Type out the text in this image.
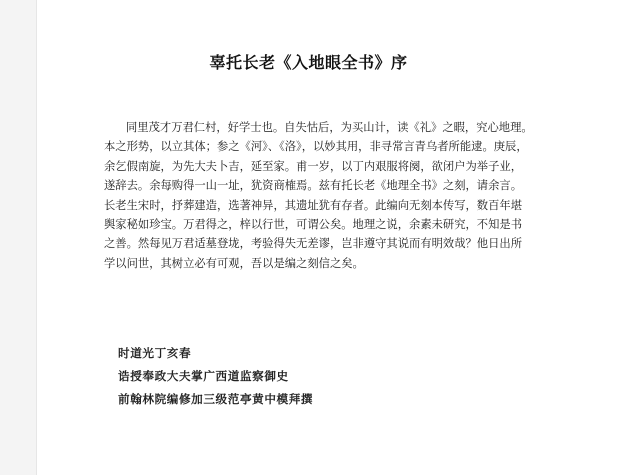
辜托长老《入地眼全书》序
同里茂才万君仁村，好学士也。自失怙后，为买山计，读《礼》之暇，究心地理。
本之形势，以立其体；参之《河》、《洛》，以妙其用，非寻常言青乌者所能逮。庚辰，
余乞假南旋，为先大夫卜吉，延至家。甫一岁，以丁内艰服将阕，欲闭户为举子业，
遂辞去。余每购得一山一址，犹资商榷焉。兹有托长老《地理全书》之刻，请余言。
长老生宋时，抒葬建造，选著神异，其遗址犹有存者。此编向无刻本传写，数百年堪
舆家秘如珍宝。万君得之，梓以行世，可谓公矣。地理之说，余素未研究，不知是书
之善。然每见万君适墓登垅，考验得失无差谬，岂非遵守其说而有明效哉？他日出所
学以问世，其树立必有可观，吾以是编之刻信之矣。
时道光丁亥春
诰授奉政大夫掌广西道监察御史
前翰林院编修加三级范亭黄中模拜撰
